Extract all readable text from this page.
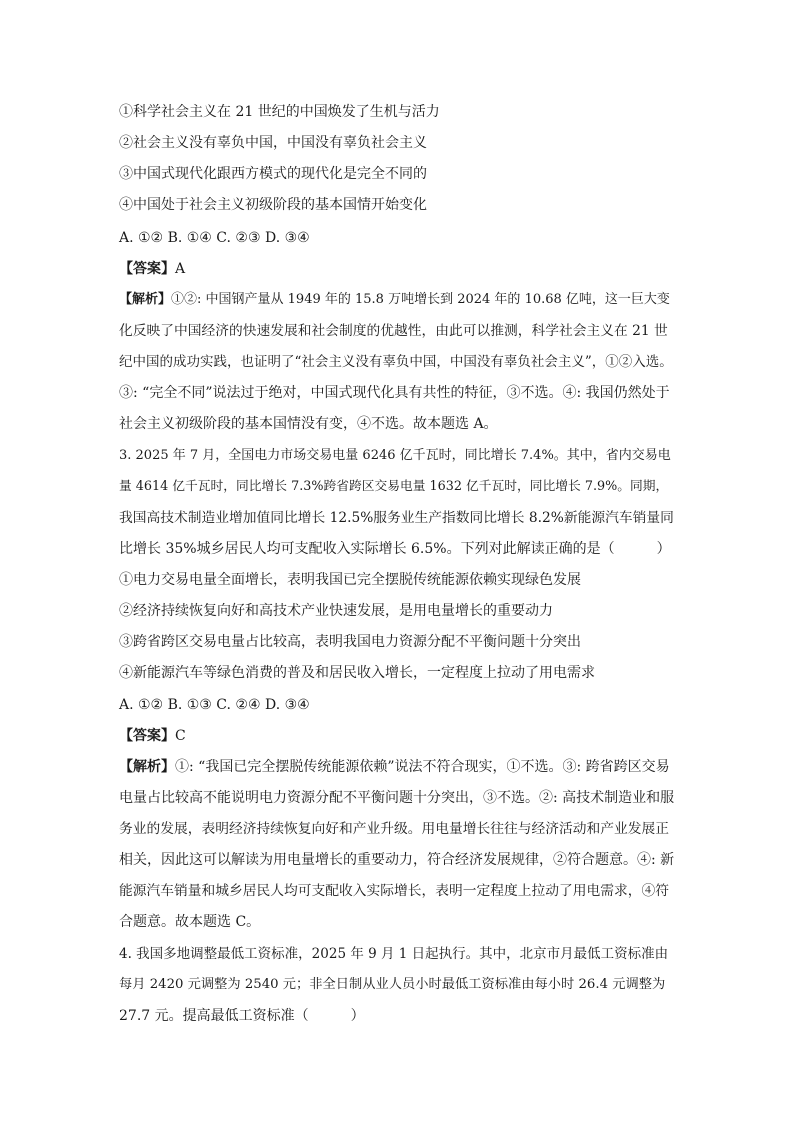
①科学社会主义在 21 世纪的中国焕发了生机与活力
②社会主义没有辜负中国，中国没有辜负社会主义
③中国式现代化跟西方模式的现代化是完全不同的
④中国处于社会主义初级阶段的基本国情开始变化
A. ①② B. ①④ C. ②③ D. ③④
【答案】A
【解析】①②: 中国钢产量从 1949 年的 15.8 万吨增长到 2024 年的 10.68 亿吨，这一巨大变
化反映了中国经济的快速发展和社会制度的优越性，由此可以推测，科学社会主义在 21 世
纪中国的成功实践，也证明了“社会主义没有辜负中国，中国没有辜负社会主义”，①②入选。
③: “完全不同”说法过于绝对，中国式现代化具有共性的特征，③不选。④: 我国仍然处于
社会主义初级阶段的基本国情没有变，④不选。故本题选 A。
3. 2025 年 7 月，全国电力市场交易电量 6246 亿千瓦时，同比增长 7.4%。其中，省内交易电
量 4614 亿千瓦时，同比增长 7.3%跨省跨区交易电量 1632 亿千瓦时，同比增长 7.9%。同期，
我国高技术制造业增加值同比增长 12.5%服务业生产指数同比增长 8.2%新能源汽车销量同
比增长 35%城乡居民人均可支配收入实际增长 6.5%。下列对此解读正确的是（　　　）
①电力交易电量全面增长，表明我国已完全摆脱传统能源依赖实现绿色发展
②经济持续恢复向好和高技术产业快速发展，是用电量增长的重要动力
③跨省跨区交易电量占比较高，表明我国电力资源分配不平衡问题十分突出
④新能源汽车等绿色消费的普及和居民收入增长，一定程度上拉动了用电需求
A. ①② B. ①③ C. ②④ D. ③④
【答案】C
【解析】①: “我国已完全摆脱传统能源依赖”说法不符合现实，①不选。③: 跨省跨区交易
电量占比较高不能说明电力资源分配不平衡问题十分突出，③不选。②: 高技术制造业和服
务业的发展，表明经济持续恢复向好和产业升级。用电量增长往往与经济活动和产业发展正
相关，因此这可以解读为用电量增长的重要动力，符合经济发展规律，②符合题意。④: 新
能源汽车销量和城乡居民人均可支配收入实际增长，表明一定程度上拉动了用电需求，④符
合题意。故本题选 C。
4. 我国多地调整最低工资标准，2025 年 9 月 1 日起执行。其中，北京市月最低工资标准由
每月 2420 元调整为 2540 元；非全日制从业人员小时最低工资标准由每小时 26.4 元调整为
27.7 元。提高最低工资标准（　　　）
